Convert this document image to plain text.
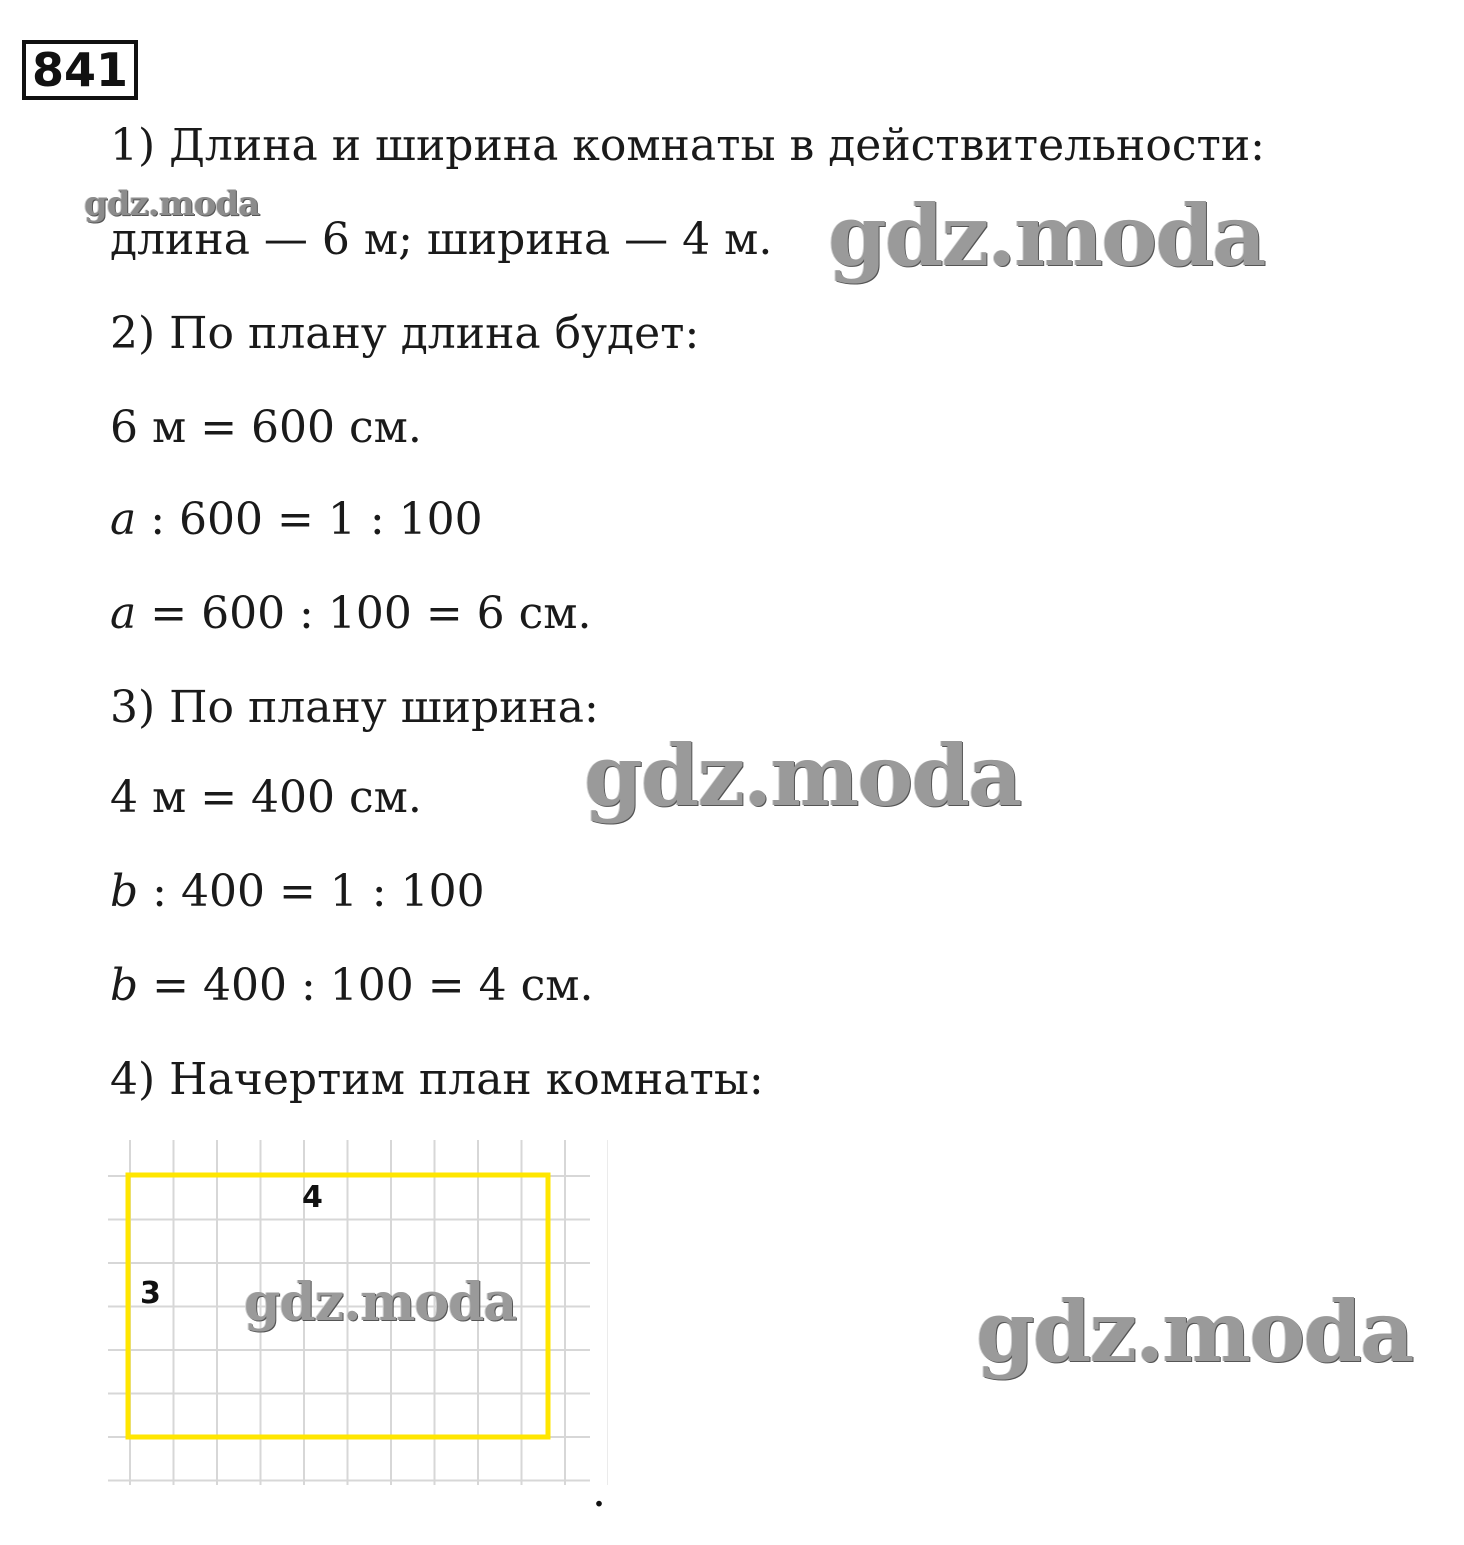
841
1) Длина и ширина комнаты в действительности:
длина — 6 м; ширина — 4 м.
2) По плану длина будет:
6 м = 600 см.
a : 600 = 1 : 100
a = 600 : 100 = 6 см.
3) По плану ширина:
4 м = 400 см.
b : 400 = 1 : 100
b = 400 : 100 = 4 см.
4) Начертим план комнаты:
4
3
.
gdz.moda	gdz.moda
gdz.moda
gdz.moda	gdz.moda
